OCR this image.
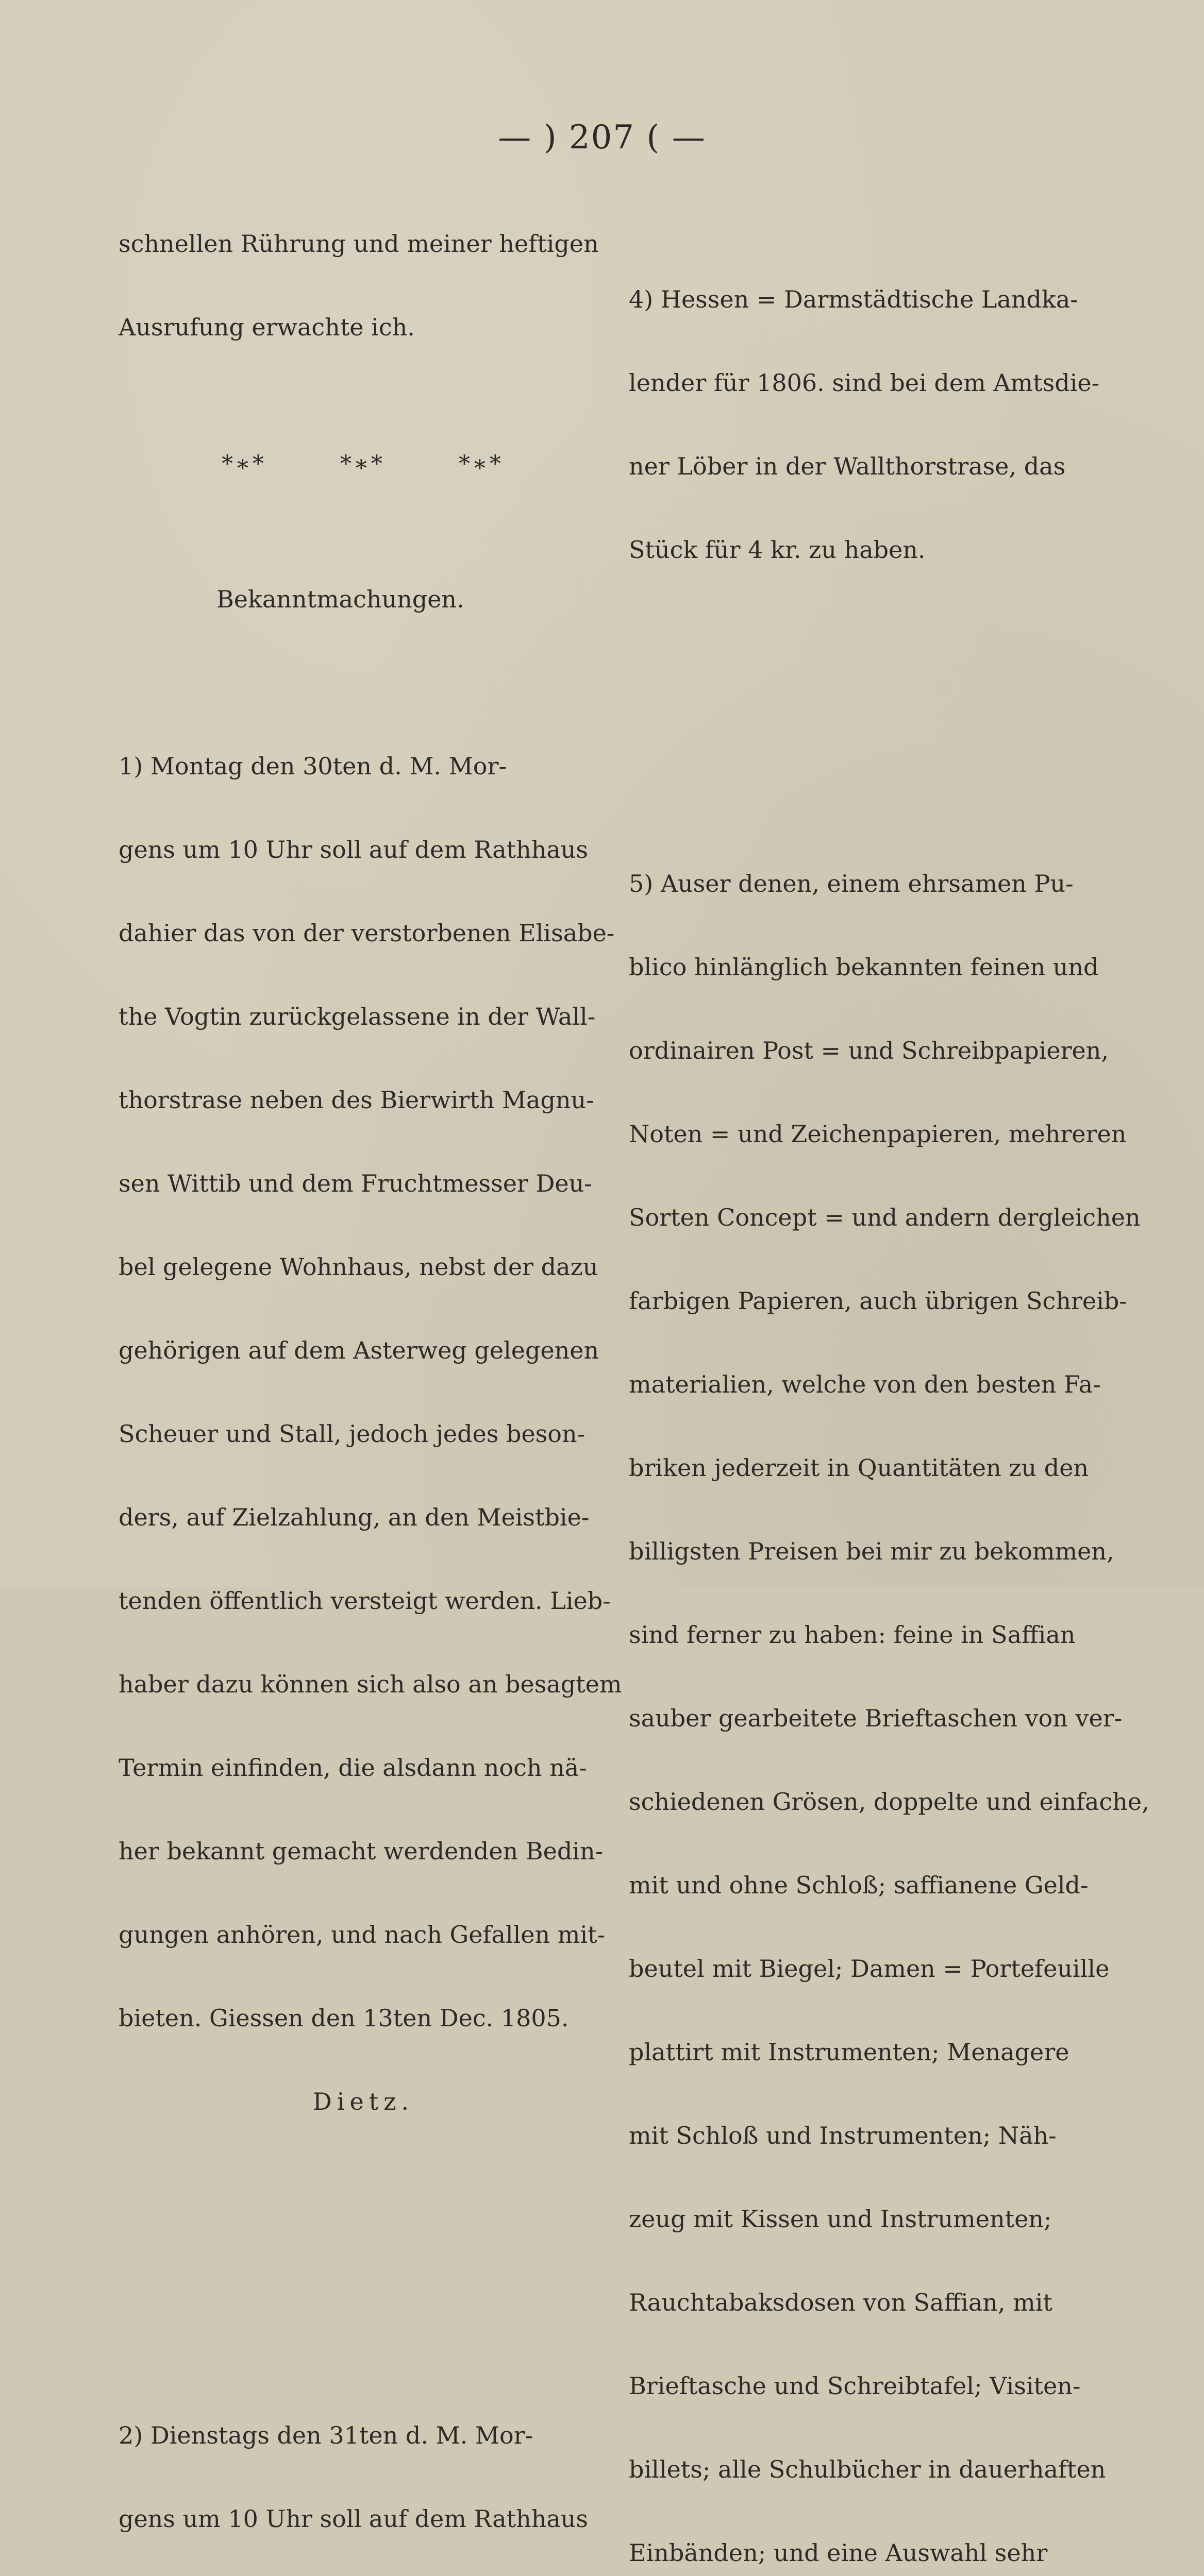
— ) 207 ( —

schnellen Rührung und meiner heftigen

Ausrufung erwachte ich.

*∗*

	*∗*

	*∗*

Bekanntmachungen.

1) Montag den 30ten d. M. Mor-

gens um 10 Uhr soll auf dem Rathhaus

dahier das von der verstorbenen Elisabe-

the Vogtin zurückgelassene in der Wall-

thorstrase neben des Bierwirth Magnu-

sen Wittib und dem Fruchtmesser Deu-

bel gelegene Wohnhaus, nebst der dazu

gehörigen auf dem Asterweg gelegenen

Scheuer und Stall, jedoch jedes beson-

ders, auf Zielzahlung, an den Meistbie-

tenden öffentlich versteigt werden. Lieb-

haber dazu können sich also an besagtem

Termin einfinden, die alsdann noch nä-

her bekannt gemacht werdenden Bedin-

gungen anhören, und nach Gefallen mit-

bieten. Giessen den 13ten Dec. 1805.

Dietz.

2) Dienstags den 31ten d. M. Mor-

gens um 10 Uhr soll auf dem Rathhaus

4) Hessen = Darmstädtische Landka-

lender für 1806. sind bei dem Amtsdie-

ner Löber in der Wallthorstrase, das

Stück für 4 kr. zu haben.

5) Auser denen, einem ehrsamen Pu-

blico hinlänglich bekannten feinen und

ordinairen Post = und Schreibpapieren,

Noten = und Zeichenpapieren, mehreren

Sorten Concept = und andern dergleichen

farbigen Papieren, auch übrigen Schreib-

materialien, welche von den besten Fa-

briken jederzeit in Quantitäten zu den

billigsten Preisen bei mir zu bekommen,

sind ferner zu haben: feine in Saffian

sauber gearbeitete Brieftaschen von ver-

schiedenen Grösen, doppelte und einfache,

mit und ohne Schloß; saffianene Geld-

beutel mit Biegel; Damen = Portefeuille

plattirt mit Instrumenten; Menagere

mit Schloß und Instrumenten; Näh-

zeug mit Kissen und Instrumenten;

Rauchtabaksdosen von Saffian, mit

Brieftasche und Schreibtafel; Visiten-

billets; alle Schulbücher in dauerhaften

Einbänden; und eine Auswahl sehr
